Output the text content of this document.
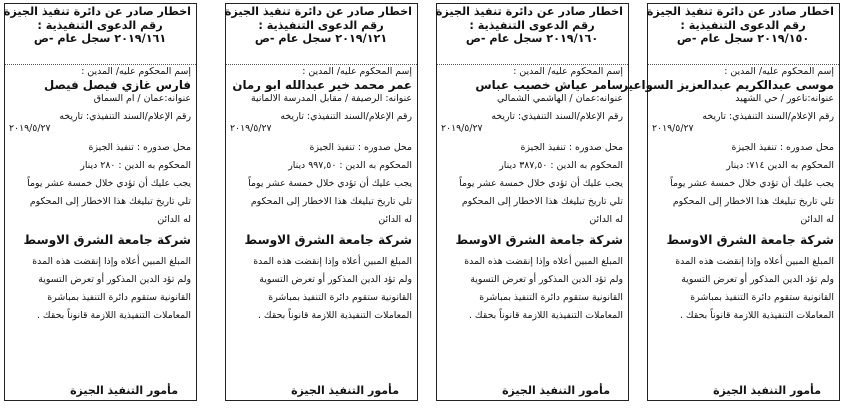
اخطار صادر عن دائرة تنفيذ الجيزة
رقم الدعوى التنفيذية :
٢٠١٩/١٥٠ سجل عام -ص
إسم المحكوم عليه/ المدين :
موسى عبدالكريم عبدالعزيز السواعير
عنوانه:ناعور / حي الشهيد
رقم الإعلام/السند التنفيذي: تاريخه
٢٠١٩/٥/٢٧
محل صدوره : تنفيذ الجيزة
المحكوم به الدين ٧١٤: دينار
يجب عليك أن تؤدي خلال خمسة عشر يوماً
تلي تاريخ تبليغك هذا الاخطار إلى المحكوم
له الدائن
شركة جامعة الشرق الاوسط
المبلغ المبين أعلاه وإذا إنقضت هذه المدة
ولم تؤد الدين المذكور أو تعرض التسوية
القانونية ستقوم دائرة التنفيذ بمباشرة
المعاملات التنفيذية اللازمة قانوناً بحقك .
مأمور التنفيذ الجيزة
اخطار صادر عن دائرة تنفيذ الجيزة
رقم الدعوى التنفيذية :
٢٠١٩/١٦٠ سجل عام -ص
إسم المحكوم عليه/ المدين :
سامر عياش خصيب عباس
عنوانه:عمان / الهاشمي الشمالي
رقم الإعلام/السند التنفيذي: تاريخه
٢٠١٩/٥/٢٧
محل صدوره : تنفيذ الجيزة
المحكوم به الدين : ٣٨٧,٥٠ دينار
يجب عليك أن تؤدي خلال خمسة عشر يوماً
تلي تاريخ تبليغك هذا الاخطار إلى المحكوم
له الدائن
شركة جامعة الشرق الاوسط
المبلغ المبين أعلاه وإذا إنقضت هذه المدة
ولم تؤد الدين المذكور أو تعرض التسوية
القانونية ستقوم دائرة التنفيذ بمباشرة
المعاملات التنفيذية اللازمة قانوناً بحقك .
مأمور التنفيذ الجيزة
اخطار صادر عن دائرة تنفيذ الجيزة
رقم الدعوى التنفيذية :
٢٠١٩/١٢١ سجل عام -ص
إسم المحكوم عليه/ المدين :
عمر محمد خير عبدالله ابو رمان
عنوانه: الرصيفة / مقابل المدرسة الالمانية
رقم الإعلام/السند التنفيذي: تاريخه
٢٠١٩/٥/٢٧
محل صدوره : تنفيذ الجيزة
المحكوم به الدين : ٩٩٧,٥٠ دينار
يجب عليك أن تؤدي خلال خمسة عشر يوماً
تلي تاريخ تبليغك هذا الاخطار إلى المحكوم
له الدائن
شركة جامعة الشرق الاوسط
المبلغ المبين أعلاه وإذا إنقضت هذه المدة
ولم تؤد الدين المذكور أو تعرض التسوية
القانونية ستقوم دائرة التنفيذ بمباشرة
المعاملات التنفيذية اللازمة قانوناً بحقك .
مأمور التنفيذ الجيزة
اخطار صادر عن دائرة تنفيذ الجيزة
رقم الدعوى التنفيذية :
٢٠١٩/١٦١ سجل عام -ص
إسم المحكوم عليه/ المدين :
فارس غازي فيصل فيصل
عنوانه:عمان / ام السماق
رقم الإعلام/السند التنفيذي: تاريخه
٢٠١٩/٥/٢٧
محل صدوره : تنفيذ الجيزة
المحكوم به الدين : ٢٨٠ دينار
يجب عليك أن تؤدي خلال خمسة عشر يوماً
تلي تاريخ تبليغك هذا الاخطار إلى المحكوم
له الدائن
شركة جامعة الشرق الاوسط
المبلغ المبين أعلاه وإذا إنقضت هذه المدة
ولم تؤد الدين المذكور أو تعرض التسوية
القانونية ستقوم دائرة التنفيذ بمباشرة
المعاملات التنفيذية اللازمة قانوناً بحقك .
مأمور التنفيذ الجيزة
